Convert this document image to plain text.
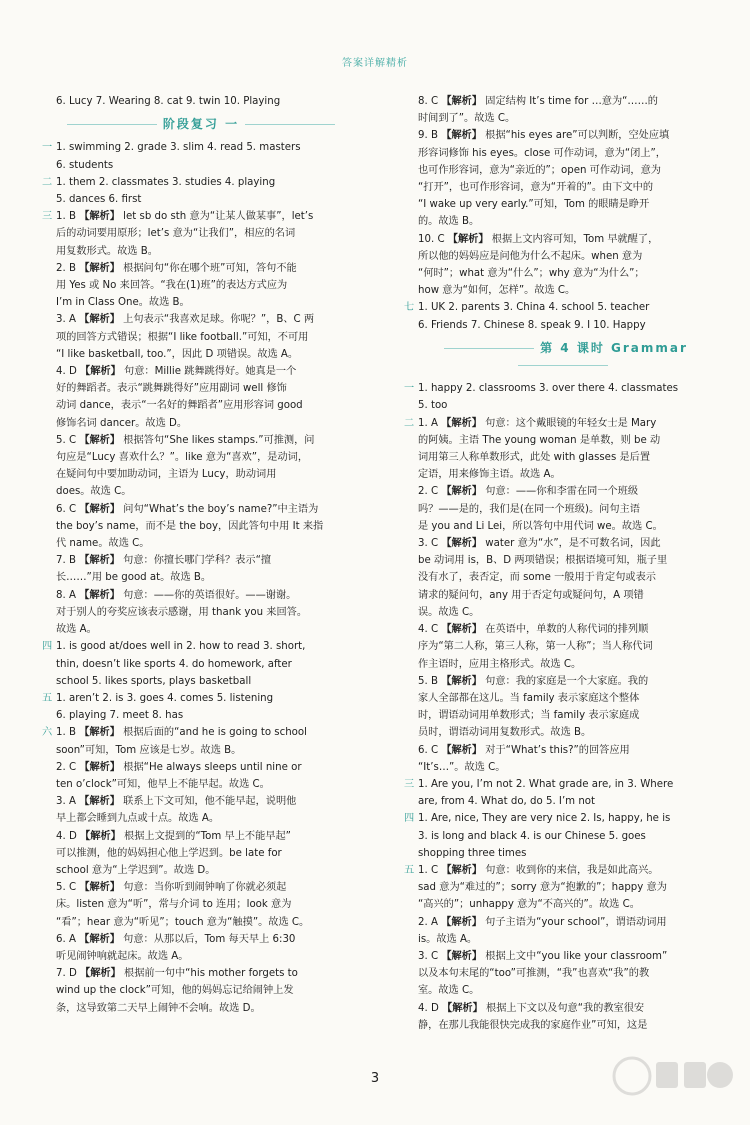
答案详解精析
6. Lucy 7. Wearing 8. cat 9. twin 10. Playing
阶段复习 一
一 1. swimming 2. grade 3. slim 4. read 5. masters
6. students
二 1. them 2. classmates 3. studies 4. playing
5. dances 6. first
三 1. B 【解析】 let sb do sth 意为“让某人做某事”，let’s
后的动词要用原形；let’s 意为“让我们”，相应的名词
用复数形式。故选 B。
2. B 【解析】 根据问句“你在哪个班”可知，答句不能
用 Yes 或 No 来回答。“我在(1)班”的表达方式应为
I’m in Class One。故选 B。
3. A 【解析】 上句表示“我喜欢足球。你呢？”，B、C 两
项的回答方式错误；根据“I like football.”可知，不可用
“I like basketball, too.”，因此 D 项错误。故选 A。
4. D 【解析】 句意：Millie 跳舞跳得好。她真是一个
好的舞蹈者。表示“跳舞跳得好”应用副词 well 修饰
动词 dance，表示“一名好的舞蹈者”应用形容词 good
修饰名词 dancer。故选 D。
5. C 【解析】 根据答句“She likes stamps.”可推测，问
句应是“Lucy 喜欢什么？”。like 意为“喜欢”，是动词，
在疑问句中要加助动词，主语为 Lucy，助动词用
does。故选 C。
6. C 【解析】 问句“What’s the boy’s name?”中主语为
the boy’s name，而不是 the boy，因此答句中用 It 来指
代 name。故选 C。
7. B 【解析】 句意：你擅长哪门学科？表示“擅
长……”用 be good at。故选 B。
8. A 【解析】 句意：——你的英语很好。——谢谢。
对于别人的夸奖应该表示感谢，用 thank you 来回答。
故选 A。
四 1. is good at/does well in 2. how to read 3. short,
thin, doesn’t like sports 4. do homework, after
school 5. likes sports, plays basketball
五 1. aren’t 2. is 3. goes 4. comes 5. listening
6. playing 7. meet 8. has
六 1. B 【解析】 根据后面的“and he is going to school
soon”可知，Tom 应该是七岁。故选 B。
2. C 【解析】 根据“He always sleeps until nine or
ten o’clock”可知，他早上不能早起。故选 C。
3. A 【解析】 联系上下文可知，他不能早起，说明他
早上都会睡到九点或十点。故选 A。
4. D 【解析】 根据上文提到的“Tom 早上不能早起”
可以推测，他的妈妈担心他上学迟到。be late for
school 意为“上学迟到”。故选 D。
5. C 【解析】 句意：当你听到闹钟响了你就必须起
床。listen 意为“听”，常与介词 to 连用；look 意为
“看”；hear 意为“听见”；touch 意为“触摸”。故选 C。
6. A 【解析】 句意：从那以后，Tom 每天早上 6:30
听见闹钟响就起床。故选 A。
7. D 【解析】 根据前一句中“his mother forgets to
wind up the clock”可知，他的妈妈忘记给闹钟上发
条，这导致第二天早上闹钟不会响。故选 D。
8. C 【解析】 固定结构 It’s time for …意为“……的
时间到了”。故选 C。
9. B 【解析】 根据“his eyes are”可以判断，空处应填
形容词修饰 his eyes。close 可作动词，意为“闭上”，
也可作形容词，意为“亲近的”；open 可作动词，意为
“打开”，也可作形容词，意为“开着的”。由下文中的
“I wake up very early.”可知，Tom 的眼睛是睁开
的。故选 B。
10. C 【解析】 根据上文内容可知，Tom 早就醒了，
所以他的妈妈应是问他为什么不起床。when 意为
“何时”；what 意为“什么”；why 意为“为什么”；
how 意为“如何，怎样”。故选 C。
七 1. UK 2. parents 3. China 4. school 5. teacher
6. Friends 7. Chinese 8. speak 9. I 10. Happy
第 4 课时 Grammar
一 1. happy 2. classrooms 3. over there 4. classmates
5. too
二 1. A 【解析】 句意：这个戴眼镜的年轻女士是 Mary
的阿姨。主语 The young woman 是单数，则 be 动
词用第三人称单数形式，此处 with glasses 是后置
定语，用来修饰主语。故选 A。
2. C 【解析】 句意：——你和李雷在同一个班级
吗？——是的，我们是(在同一个班级)。问句主语
是 you and Li Lei，所以答句中用代词 we。故选 C。
3. C 【解析】 water 意为“水”，是不可数名词，因此
be 动词用 is，B、D 两项错误；根据语境可知，瓶子里
没有水了，表否定，而 some 一般用于肯定句或表示
请求的疑问句，any 用于否定句或疑问句，A 项错
误。故选 C。
4. C 【解析】 在英语中，单数的人称代词的排列顺
序为“第二人称，第三人称，第一人称”；当人称代词
作主语时，应用主格形式。故选 C。
5. B 【解析】 句意：我的家庭是一个大家庭。我的
家人全部都在这儿。当 family 表示家庭这个整体
时，谓语动词用单数形式；当 family 表示家庭成
员时，谓语动词用复数形式。故选 B。
6. C 【解析】 对于“What’s this?”的回答应用
“It’s…”。故选 C。
三 1. Are you, I’m not 2. What grade are, in 3. Where
are, from 4. What do, do 5. I’m not
四 1. Are, nice, They are very nice 2. Is, happy, he is
3. is long and black 4. is our Chinese 5. goes
shopping three times
五 1. C 【解析】 句意：收到你的来信，我是如此高兴。
sad 意为“难过的”；sorry 意为“抱歉的”；happy 意为
“高兴的”；unhappy 意为“不高兴的”。故选 C。
2. A 【解析】 句子主语为“your school”，谓语动词用
is。故选 A。
3. C 【解析】 根据上文中“you like your classroom”
以及本句末尾的“too”可推测，“我”也喜欢“我”的教
室。故选 C。
4. D 【解析】 根据上下文以及句意“我的教室很安
静，在那儿我能很快完成我的家庭作业”可知，这是
3
